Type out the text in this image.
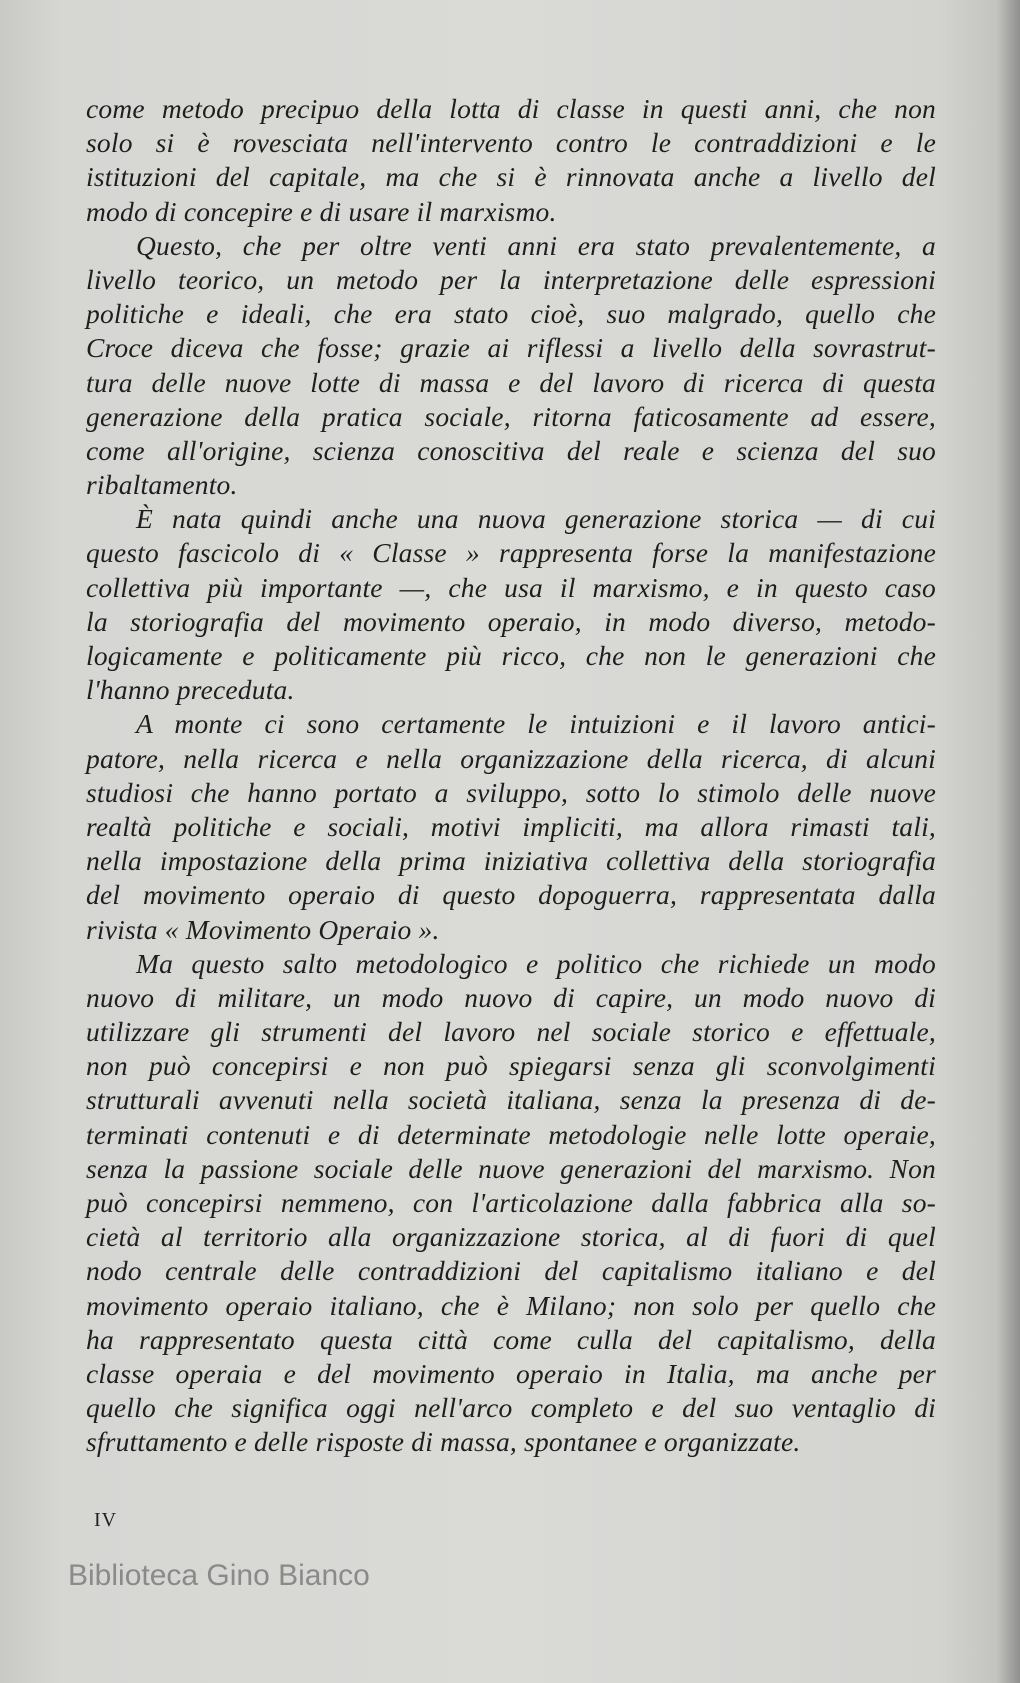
come metodo precipuo della lotta di classe in questi anni, che non
solo si è rovesciata nell'intervento contro le contraddizioni e le
istituzioni del capitale, ma che si è rinnovata anche a livello del
modo di concepire e di usare il marxismo.
Questo, che per oltre venti anni era stato prevalentemente, a
livello teorico, un metodo per la interpretazione delle espressioni
politiche e ideali, che era stato cioè, suo malgrado, quello che
Croce diceva che fosse; grazie ai riflessi a livello della sovrastrut-
tura delle nuove lotte di massa e del lavoro di ricerca di questa
generazione della pratica sociale, ritorna faticosamente ad essere,
come all'origine, scienza conoscitiva del reale e scienza del suo
ribaltamento.
È nata quindi anche una nuova generazione storica — di cui
questo fascicolo di « Classe » rappresenta forse la manifestazione
collettiva più importante —, che usa il marxismo, e in questo caso
la storiografia del movimento operaio, in modo diverso, metodo-
logicamente e politicamente più ricco, che non le generazioni che
l'hanno preceduta.
A monte ci sono certamente le intuizioni e il lavoro antici-
patore, nella ricerca e nella organizzazione della ricerca, di alcuni
studiosi che hanno portato a sviluppo, sotto lo stimolo delle nuove
realtà politiche e sociali, motivi impliciti, ma allora rimasti tali,
nella impostazione della prima iniziativa collettiva della storiografia
del movimento operaio di questo dopoguerra, rappresentata dalla
rivista « Movimento Operaio ».
Ma questo salto metodologico e politico che richiede un modo
nuovo di militare, un modo nuovo di capire, un modo nuovo di
utilizzare gli strumenti del lavoro nel sociale storico e effettuale,
non può concepirsi e non può spiegarsi senza gli sconvolgimenti
strutturali avvenuti nella società italiana, senza la presenza di de-
terminati contenuti e di determinate metodologie nelle lotte operaie,
senza la passione sociale delle nuove generazioni del marxismo. Non
può concepirsi nemmeno, con l'articolazione dalla fabbrica alla so-
cietà al territorio alla organizzazione storica, al di fuori di quel
nodo centrale delle contraddizioni del capitalismo italiano e del
movimento operaio italiano, che è Milano; non solo per quello che
ha rappresentato questa città come culla del capitalismo, della
classe operaia e del movimento operaio in Italia, ma anche per
quello che significa oggi nell'arco completo e del suo ventaglio di
sfruttamento e delle risposte di massa, spontanee e organizzate.
IV
Biblioteca Gino Bianco
